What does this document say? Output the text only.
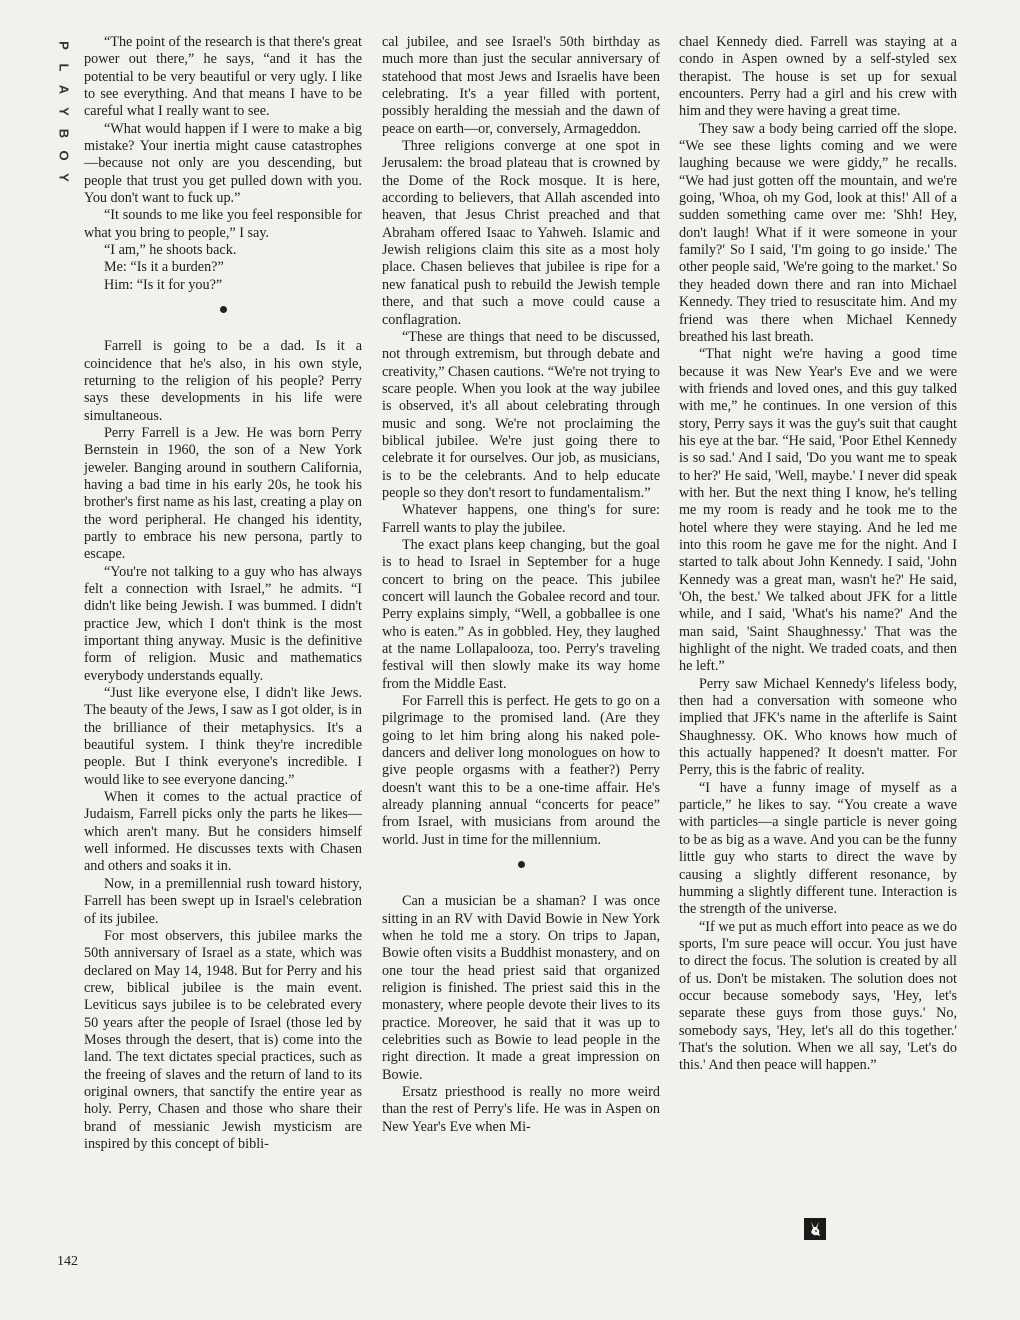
P
L
A
Y
B
O
Y

“The point of the research is that there's great power out there,” he says, “and it has the potential to be very beautiful or very ugly. I like to see everything. And that means I have to be careful what I really want to see.

“What would happen if I were to make a big mistake? Your inertia might cause catastrophes—because not only are you descending, but people that trust you get pulled down with you. You don't want to fuck up.”

“It sounds to me like you feel responsible for what you bring to people,” I say.

“I am,” he shoots back.

Me: “Is it a burden?”

Him: “Is it for you?”

Farrell is going to be a dad. Is it a coincidence that he's also, in his own style, returning to the religion of his people? Perry says these developments in his life were simultaneous.

Perry Farrell is a Jew. He was born Perry Bernstein in 1960, the son of a New York jeweler. Banging around in southern California, having a bad time in his early 20s, he took his brother's first name as his last, creating a play on the word peripheral. He changed his identity, partly to embrace his new persona, partly to escape.

“You're not talking to a guy who has always felt a connection with Israel,” he admits. “I didn't like being Jewish. I was bummed. I didn't practice Jew, which I don't think is the most important thing anyway. Music is the definitive form of religion. Music and mathematics everybody understands equally.

“Just like everyone else, I didn't like Jews. The beauty of the Jews, I saw as I got older, is in the brilliance of their metaphysics. It's a beautiful system. I think they're incredible people. But I think everyone's incredible. I would like to see everyone dancing.”

When it comes to the actual practice of Judaism, Farrell picks only the parts he likes—which aren't many. But he considers himself well informed. He discusses texts with Chasen and others and soaks it in.

Now, in a premillennial rush toward history, Farrell has been swept up in Israel's celebration of its jubilee.

For most observers, this jubilee marks the 50th anniversary of Israel as a state, which was declared on May 14, 1948. But for Perry and his crew, biblical jubilee is the main event. Leviticus says jubilee is to be celebrated every 50 years after the people of Israel (those led by Moses through the desert, that is) come into the land. The text dictates special practices, such as the freeing of slaves and the return of land to its original owners, that sanctify the entire year as holy. Perry, Chasen and those who share their brand of messianic Jewish mysticism are inspired by this concept of bibli-

cal jubilee, and see Israel's 50th birthday as much more than just the secular anniversary of statehood that most Jews and Israelis have been celebrating. It's a year filled with portent, possibly heralding the messiah and the dawn of peace on earth—or, conversely, Armageddon.

Three religions converge at one spot in Jerusalem: the broad plateau that is crowned by the Dome of the Rock mosque. It is here, according to believers, that Allah ascended into heaven, that Jesus Christ preached and that Abraham offered Isaac to Yahweh. Islamic and Jewish religions claim this site as a most holy place. Chasen believes that jubilee is ripe for a new fanatical push to rebuild the Jewish temple there, and that such a move could cause a conflagration.

“These are things that need to be discussed, not through extremism, but through debate and creativity,” Chasen cautions. “We're not trying to scare people. When you look at the way jubilee is observed, it's all about celebrating through music and song. We're not proclaiming the biblical jubilee. We're just going there to celebrate it for ourselves. Our job, as musicians, is to be the celebrants. And to help educate people so they don't resort to fundamentalism.”

Whatever happens, one thing's for sure: Farrell wants to play the jubilee.

The exact plans keep changing, but the goal is to head to Israel in September for a huge concert to bring on the peace. This jubilee concert will launch the Gobalee record and tour. Perry explains simply, “Well, a gobballee is one who is eaten.” As in gobbled. Hey, they laughed at the name Lollapalooza, too. Perry's traveling festival will then slowly make its way home from the Middle East.

For Farrell this is perfect. He gets to go on a pilgrimage to the promised land. (Are they going to let him bring along his naked pole-dancers and deliver long monologues on how to give people orgasms with a feather?) Perry doesn't want this to be a one-time affair. He's already planning annual “concerts for peace” from Israel, with musicians from around the world. Just in time for the millennium.

Can a musician be a shaman? I was once sitting in an RV with David Bowie in New York when he told me a story. On trips to Japan, Bowie often visits a Buddhist monastery, and on one tour the head priest said that organized religion is finished. The priest said this in the monastery, where people devote their lives to its practice. Moreover, he said that it was up to celebrities such as Bowie to lead people in the right direction. It made a great impression on Bowie.

Ersatz priesthood is really no more weird than the rest of Perry's life. He was in Aspen on New Year's Eve when Mi-

chael Kennedy died. Farrell was staying at a condo in Aspen owned by a self-styled sex therapist. The house is set up for sexual encounters. Perry had a girl and his crew with him and they were having a great time.

They saw a body being carried off the slope. “We see these lights coming and we were laughing because we were giddy,” he recalls. “We had just gotten off the mountain, and we're going, 'Whoa, oh my God, look at this!' All of a sudden something came over me: 'Shh! Hey, don't laugh! What if it were someone in your family?' So I said, 'I'm going to go inside.' The other people said, 'We're going to the market.' So they headed down there and ran into Michael Kennedy. They tried to resuscitate him. And my friend was there when Michael Kennedy breathed his last breath.

“That night we're having a good time because it was New Year's Eve and we were with friends and loved ones, and this guy talked with me,” he continues. In one version of this story, Perry says it was the guy's suit that caught his eye at the bar. “He said, 'Poor Ethel Kennedy is so sad.' And I said, 'Do you want me to speak to her?' He said, 'Well, maybe.' I never did speak with her. But the next thing I know, he's telling me my room is ready and he took me to the hotel where they were staying. And he led me into this room he gave me for the night. And I started to talk about John Kennedy. I said, 'John Kennedy was a great man, wasn't he?' He said, 'Oh, the best.' We talked about JFK for a little while, and I said, 'What's his name?' And the man said, 'Saint Shaughnessy.' That was the highlight of the night. We traded coats, and then he left.”

Perry saw Michael Kennedy's lifeless body, then had a conversation with someone who implied that JFK's name in the afterlife is Saint Shaughnessy. OK. Who knows how much of this actually happened? It doesn't matter. For Perry, this is the fabric of reality.

“I have a funny image of myself as a particle,” he likes to say. “You create a wave with particles—a single particle is never going to be as big as a wave. And you can be the funny little guy who starts to direct the wave by causing a slightly different resonance, by humming a slightly different tune. Interaction is the strength of the universe.

“If we put as much effort into peace as we do sports, I'm sure peace will occur. You just have to direct the focus. The solution is created by all of us. Don't be mistaken. The solution does not occur because somebody says, 'Hey, let's separate these guys from those guys.' No, somebody says, 'Hey, let's all do this together.' That's the solution. When we all say, 'Let's do this.' And then peace will happen.”

142
